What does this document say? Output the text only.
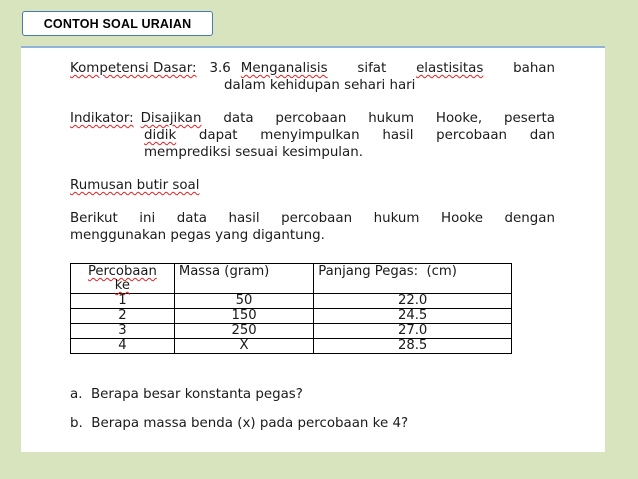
CONTOH SOAL URAIAN
Kompetensi Dasar: 3.6 Menganalisis sifat elastisitas bahan
dalam kehidupan sehari hari
Indikator: Disajikan data percobaan hukum Hooke, peserta
didik dapat menyimpulkan hasil percobaan dan
memprediksi sesuai kesimpulan.
Rumusan butir soal
Berikut ini data hasil percobaan hukum Hooke dengan
menggunakan pegas yang digantung.
Percobaan
ke	Massa (gram)	Panjang Pegas:  (cm)
1	50	22.0
2	150	24.5
3	250	27.0
4	X	28.5
a.  Berapa besar konstanta pegas?
b.  Berapa massa benda (x) pada percobaan ke 4?
